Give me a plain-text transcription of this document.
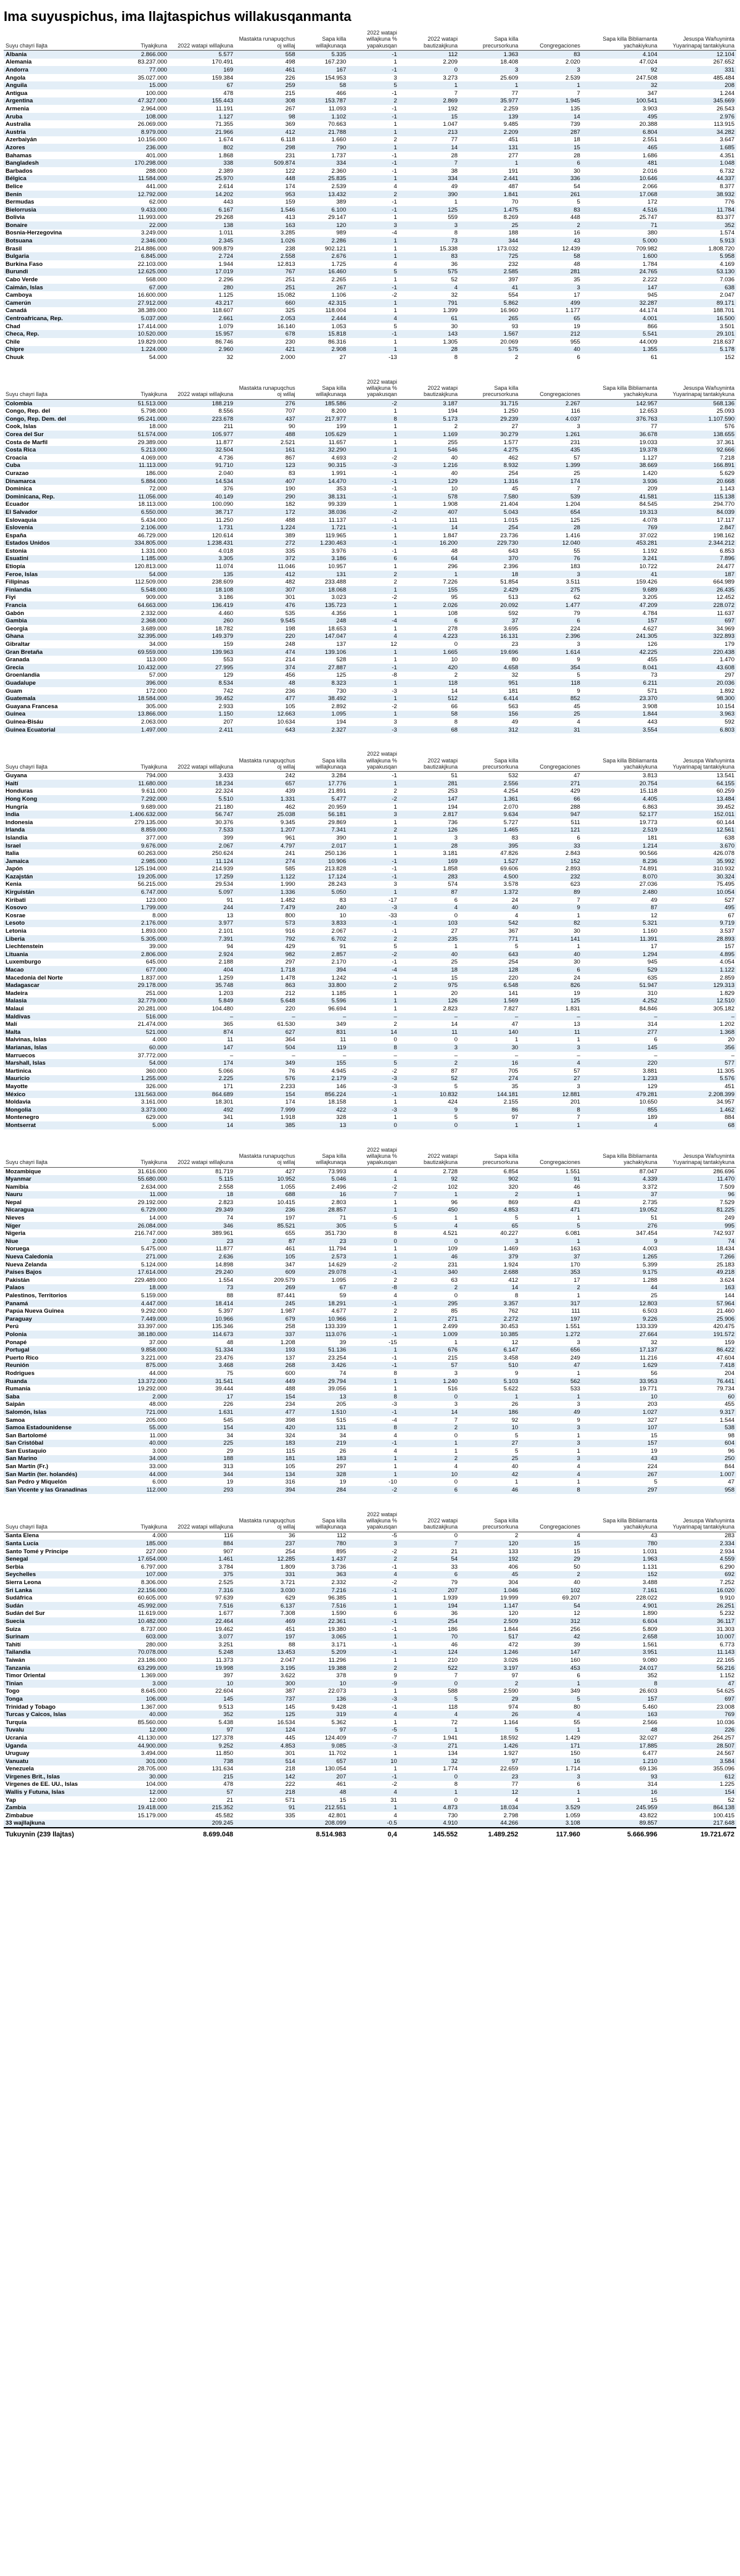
Ima suyuspichus, ima llajtaspichus willakusqanmanta
Suyu chayri llajta	Tiyakjkuna	2022 watapi willajkuna	Mastakta runapuqchus oj willaj	Sapa killa willajkunaqa	2022 watapi willajkuna % yapakusqan	2022 watapi bautizakjkuna	Sapa killa precursorkuna	Congregaciones	Sapa killa Bibliamanta yachakiykuna	Jesuspa Wañuyninta Yuyarinapaj tantakiykuna
Albania	2.866.000	5.577	558	5.335	-1	112	1.363	83	4.104	12.104
Alemania	83.237.000	170.491	498	167.230	1	2.209	18.408	2.020	47.024	267.652
Andorra	77.000	169	461	167	-1	0	3	3	92	331
Angola	35.027.000	159.384	226	154.953	3	3.273	25.609	2.539	247.508	485.484
Anguila	15.000	67	259	58	5	1	1	1	32	208
Antigua	100.000	478	215	466	-1	7	77	7	347	1.244
Argentina	47.327.000	155.443	308	153.787	2	2.869	35.977	1.945	100.541	345.669
Armenia	2.964.000	11.191	267	11.093	-1	192	2.259	135	3.903	26.543
Aruba	108.000	1.127	98	1.102	-1	15	139	14	495	2.976
Australia	26.069.000	71.355	369	70.663	1	1.047	9.485	739	20.388	113.915
Austria	8.979.000	21.966	412	21.788	1	213	2.209	287	6.804	34.282
Azerbaiyán	10.156.000	1.674	6.118	1.660	2	77	451	18	2.551	3.647
Azores	236.000	802	298	790	1	14	131	15	465	1.685
Bahamas	401.000	1.868	231	1.737	-1	28	277	28	1.686	4.351
Bangladesh	170.298.000	338	509.874	334	-1	7	1	6	481	1.048
Barbados	288.000	2.389	122	2.360	-1	38	191	30	2.016	6.732
Bélgica	11.584.000	25.970	448	25.835	1	334	2.441	336	10.646	44.337
Belice	441.000	2.614	174	2.539	4	49	487	54	2.066	8.377
Benín	12.792.000	14.202	953	13.432	2	390	1.841	261	17.068	38.932
Bermudas	62.000	443	159	389	-1	1	70	5	172	776
Bielorrusia	9.433.000	6.167	1.546	6.100	-1	125	1.475	83	4.516	11.784
Bolivia	11.993.000	29.268	413	29.147	1	559	8.269	448	25.747	83.377
Bonaire	22.000	138	163	120	3	3	25	2	71	352
Bosnia-Herzegovina	3.249.000	1.011	3.285	989	-4	8	188	16	380	1.574
Botsuana	2.346.000	2.345	1.026	2.286	1	73	344	43	5.000	5.913
Brasil	214.886.000	909.879	238	902.121	1	15.338	173.032	12.439	709.982	1.808.720
Bulgaria	6.845.000	2.724	2.558	2.676	1	83	725	58	1.600	5.958
Burkina Faso	22.103.000	1.944	12.813	1.725	4	36	232	48	1.784	4.169
Burundi	12.625.000	17.019	767	16.460	5	575	2.585	281	24.765	53.130
Cabo Verde	568.000	2.296	251	2.265	1	52	397	35	2.222	7.036
Caimán, Islas	67.000	280	251	267	-1	4	41	3	147	638
Camboya	16.600.000	1.125	15.082	1.106	-2	32	554	17	945	2.047
Camerún	27.912.000	43.217	660	42.315	1	791	5.862	499	32.287	89.171
Canadá	38.389.000	118.607	325	118.004	1	1.399	16.960	1.177	44.174	188.701
Centroafricana, Rep.	5.037.000	2.661	2.053	2.444	4	61	265	65	4.001	16.500
Chad	17.414.000	1.079	16.140	1.053	5	30	93	19	866	3.501
Checa, Rep.	10.520.000	15.957	678	15.818	-1	143	1.567	212	5.541	29.101
Chile	19.829.000	86.746	230	86.316	1	1.305	20.069	955	44.009	218.637
Chipre	1.224.000	2.960	421	2.908	1	28	575	40	1.355	5.178
Chuuk	54.000	32	2.000	27	-13	8	2	6	61	152

Suyu chayri llajta	Tiyakjkuna	2022 watapi willajkuna	Mastakta runapuqchus oj willaj	Sapa killa willajkunaqa	2022 watapi willajkuna % yapakusqan	2022 watapi bautizakjkuna	Sapa killa precursorkuna	Congregaciones	Sapa killa Bibliamanta yachakiykuna	Jesuspa Wañuyninta Yuyarinapaj tantakiykuna
Colombia	51.513.000	188.219	276	185.586	-2	3.187	31.715	2.267	142.957	568.136
Congo, Rep. del	5.798.000	8.556	707	8.200	1	194	1.250	116	12.653	25.093
Congo, Rep. Dem. del	95.241.000	223.678	437	217.977	8	5.173	29.239	4.037	376.763	1.107.590
Cook, Islas	18.000	211	90	199	1	2	27	3	77	576
Corea del Sur	51.574.000	105.977	488	105.629	1	1.169	30.279	1.261	36.678	138.655
Costa de Marfil	29.389.000	11.877	2.521	11.657	1	255	1.577	231	19.033	37.361
Costa Rica	5.213.000	32.504	161	32.290	1	546	4.275	435	19.378	92.666
Croacia	4.069.000	4.736	867	4.693	-2	40	462	57	1.127	7.218
Cuba	11.113.000	91.710	123	90.315	-3	1.216	8.932	1.399	38.669	166.891
Curazao	186.000	2.040	83	1.991	-1	40	254	25	1.420	5.629
Dinamarca	5.884.000	14.534	407	14.470	-1	129	1.316	174	3.936	20.668
Dominica	72.000	376	190	353	-1	10	45	7	209	1.143
Dominicana, Rep.	11.056.000	40.149	290	38.131	-1	578	7.580	539	41.581	115.138
Ecuador	18.113.000	100.090	182	99.339	1	1.908	21.404	1.204	84.545	294.770
El Salvador	6.550.000	38.717	172	38.036	-2	407	5.043	654	19.313	84.039
Eslovaquia	5.434.000	11.250	488	11.137	-1	111	1.015	125	4.078	17.117
Eslovenia	2.106.000	1.731	1.224	1.721	-1	14	254	28	769	2.847
España	46.729.000	120.614	389	119.965	1	1.847	23.736	1.416	37.022	198.162
Estados Unidos	334.805.000	1.238.431	272	1.230.463	-1	16.200	229.730	12.040	453.281	2.344.212
Estonia	1.331.000	4.018	335	3.976	-1	48	643	55	1.192	6.853
Esuatini	1.185.000	3.305	372	3.186	6	64	370	76	3.241	7.896
Etiopía	120.813.000	11.074	11.046	10.957	1	296	2.396	183	10.722	24.477
Feroe, Islas	54.000	135	412	131	2	1	18	3	41	187
Filipinas	112.509.000	238.609	482	233.488	2	7.226	51.854	3.511	159.426	664.989
Finlandia	5.548.000	18.108	307	18.068	1	155	2.429	275	9.689	26.435
Fiyi	909.000	3.186	301	3.023	-2	95	513	62	3.205	12.452
Francia	64.663.000	136.419	476	135.723	1	2.026	20.092	1.477	47.209	228.072
Gabón	2.332.000	4.460	535	4.356	1	108	592	79	4.784	11.637
Gambia	2.368.000	260	9.545	248	-4	6	37	6	157	697
Georgia	3.689.000	18.782	198	18.653	1	278	3.695	224	4.627	34.969
Ghana	32.395.000	149.379	220	147.047	4	4.223	16.131	2.396	241.305	322.893
Gibraltar	34.000	159	248	137	12	0	23	3	126	179
Gran Bretaña	69.559.000	139.963	474	139.106	1	1.665	19.696	1.614	42.225	220.438
Granada	113.000	553	214	528	1	10	80	9	455	1.470
Grecia	10.432.000	27.995	374	27.887	-1	420	4.658	354	8.041	43.608
Groenlandia	57.000	129	456	125	-8	2	32	5	73	297
Guadalupe	396.000	8.534	48	8.323	1	118	951	118	6.211	20.036
Guam	172.000	742	236	730	-3	14	181	9	571	1.892
Guatemala	18.584.000	39.452	477	38.492	1	512	6.414	852	23.370	98.300
Guayana Francesa	305.000	2.933	105	2.892	-2	66	563	45	3.908	10.154
Guinea	13.866.000	1.150	12.663	1.095	1	58	156	25	1.844	3.963
Guinea-Bisáu	2.063.000	207	10.634	194	3	8	49	4	443	592
Guinea Ecuatorial	1.497.000	2.411	643	2.327	-3	68	312	31	3.554	6.803

Suyu chayri llajta	Tiyakjkuna	2022 watapi willajkuna	Mastakta runapuqchus oj willaj	Sapa killa willajkunaqa	2022 watapi willajkuna % yapakusqan	2022 watapi bautizakjkuna	Sapa killa precursorkuna	Congregaciones	Sapa killa Bibliamanta yachakiykuna	Jesuspa Wañuyninta Yuyarinapaj tantakiykuna
Guyana	794.000	3.433	242	3.284	-1	51	532	47	3.813	13.541
Haití	11.680.000	18.234	657	17.776	1	281	2.556	271	20.754	64.155
Honduras	9.611.000	22.324	439	21.891	2	253	4.254	429	15.118	60.259
Hong Kong	7.292.000	5.510	1.331	5.477	-2	147	1.361	66	4.405	13.484
Hungría	9.689.000	21.180	462	20.959	1	194	2.070	288	6.863	39.452
India	1.406.632.000	56.747	25.038	56.181	3	2.817	9.634	947	52.177	152.011
Indonesia	279.135.000	30.376	9.345	29.869	1	736	5.727	511	19.773	60.144
Irlanda	8.859.000	7.533	1.207	7.341	2	126	1.465	121	2.519	12.561
Islandia	377.000	399	961	390	1	3	83	6	181	638
Israel	9.676.000	2.067	4.797	2.017	1	28	395	33	1.214	3.670
Italia	60.263.000	250.624	241	250.136	1	3.181	47.826	2.843	90.566	426.078
Jamaica	2.985.000	11.124	274	10.906	-1	169	1.527	152	8.236	35.992
Japón	125.194.000	214.939	585	213.828	-1	1.858	69.606	2.893	74.891	310.932
Kazajstán	19.205.000	17.259	1.122	17.124	-1	283	4.500	232	8.070	30.324
Kenia	56.215.000	29.534	1.990	28.243	3	574	3.578	623	27.036	75.495
Kirguistán	6.747.000	5.097	1.336	5.050	1	87	1.372	89	2.480	10.054
Kiribati	123.000	91	1.482	83	-17	6	24	7	49	527
Kosovo	1.799.000	244	7.479	240	-3	4	40	9	87	495
Kosrae	8.000	13	800	10	-33	0	4	1	12	67
Lesoto	2.176.000	3.977	573	3.833	-1	103	542	82	5.321	9.719
Letonia	1.893.000	2.101	916	2.067	-1	27	367	30	1.160	3.537
Liberia	5.305.000	7.391	792	6.702	2	235	771	141	11.391	28.893
Liechtenstein	39.000	94	429	91	5	1	5	1	17	157
Lituania	2.806.000	2.924	982	2.857	-2	40	643	40	1.294	4.895
Luxemburgo	645.000	2.188	297	2.170	-1	25	254	30	945	4.054
Macao	677.000	404	1.718	394	-4	18	128	6	529	1.122
Macedonia del Norte	1.837.000	1.259	1.478	1.242	-1	15	220	24	635	2.859
Madagascar	29.178.000	35.748	863	33.800	2	975	6.548	826	51.947	129.313
Madeira	251.000	1.203	212	1.185	1	20	141	19	310	1.829
Malasia	32.779.000	5.849	5.648	5.596	1	126	1.569	125	4.252	12.510
Malaui	20.281.000	104.480	220	96.694	1	2.823	7.827	1.831	84.846	305.182
Maldivas	516.000	–	–	–	–	–	–	–	–	–
Malí	21.474.000	365	61.530	349	2	14	47	13	314	1.202
Malta	521.000	874	627	831	14	11	140	11	277	1.368
Malvinas, Islas	4.000	11	364	11	0	0	1	1	6	20
Marianas, Islas	60.000	147	504	119	8	3	30	3	145	356
Marruecos	37.772.000	–	–	–	–	–	–	–	–	–
Marshall, Islas	54.000	174	349	155	5	2	16	4	220	577
Martinica	360.000	5.066	76	4.945	-2	87	705	57	3.881	11.305
Mauricio	1.255.000	2.225	576	2.179	-3	52	274	27	1.233	5.576
Mayotte	326.000	171	2.233	146	-3	5	35	3	129	451
México	131.563.000	864.689	154	856.224	-1	10.832	144.181	12.881	479.281	2.208.399
Moldavia	3.161.000	18.301	174	18.158	1	424	2.155	201	10.650	34.957
Mongolia	3.373.000	492	7.999	422	-3	9	86	8	855	1.462
Montenegro	629.000	341	1.918	328	1	5	97	7	189	884
Montserrat	5.000	14	385	13	0	0	1	1	4	68

Suyu chayri llajta	Tiyakjkuna	2022 watapi willajkuna	Mastakta runapuqchus oj willaj	Sapa killa willajkunaqa	2022 watapi willajkuna % yapakusqan	2022 watapi bautizakjkuna	Sapa killa precursorkuna	Congregaciones	Sapa killa Bibliamanta yachakiykuna	Jesuspa Wañuyninta Yuyarinapaj tantakiykuna
Mozambique	31.616.000	81.719	427	73.993	4	2.728	6.854	1.551	87.047	286.696
Myanmar	55.680.000	5.115	10.952	5.046	1	92	902	91	4.339	11.470
Namibia	2.634.000	2.558	1.055	2.496	-2	102	320	46	3.372	7.509
Nauru	11.000	18	688	16	7	1	2	1	37	96
Nepal	29.192.000	2.823	10.415	2.803	1	96	869	43	2.735	7.529
Nicaragua	6.729.000	29.349	236	28.857	1	450	4.853	471	19.052	81.225
Nieves	14.000	74	197	71	-5	1	5	1	51	249
Níger	26.084.000	346	85.521	305	5	4	65	5	276	995
Nigeria	216.747.000	389.961	655	351.730	8	4.521	40.227	6.081	347.454	742.937
Niue	2.000	23	87	23	0	0	3	1	9	74
Noruega	5.475.000	11.877	461	11.794	1	109	1.469	163	4.003	18.434
Nueva Caledonia	271.000	2.636	105	2.573	1	46	379	37	1.265	7.266
Nueva Zelanda	5.124.000	14.898	347	14.629	-2	231	1.924	170	5.399	25.183
Países Bajos	17.614.000	29.240	609	29.078	-1	340	2.688	353	9.175	49.218
Pakistán	229.489.000	1.554	209.579	1.095	2	63	412	17	1.288	3.624
Palaos	18.000	73	269	67	-8	2	14	2	44	163
Palestinos, Territorios	5.159.000	88	87.441	59	4	0	8	1	25	144
Panamá	4.447.000	18.414	245	18.291	-1	295	3.357	317	12.803	57.964
Papúa Nueva Guinea	9.292.000	5.397	1.987	4.677	2	85	762	111	6.503	21.460
Paraguay	7.449.000	10.966	679	10.966	1	271	2.272	197	9.226	25.906
Perú	33.397.000	135.346	258	133.339	1	2.499	30.453	1.551	133.339	420.475
Polonia	38.180.000	114.673	337	113.076	-1	1.009	10.385	1.272	27.664	191.572
Ponapé	37.000	48	1.208	39	-15	1	12	3	32	159
Portugal	9.858.000	51.334	193	51.136	1	676	6.147	656	17.137	86.422
Puerto Rico	3.221.000	23.476	137	23.254	-1	215	3.458	249	11.216	47.604
Reunión	875.000	3.468	268	3.426	-1	57	510	47	1.629	7.418
Rodrigues	44.000	75	600	74	8	3	9	1	56	204
Ruanda	13.372.000	31.541	449	29.794	1	1.240	5.103	562	33.953	76.441
Rumanía	19.292.000	39.444	488	39.056	1	516	5.622	533	19.771	79.734
Saba	2.000	17	154	13	8	0	1	1	10	60
Saipán	48.000	226	234	205	-3	3	26	3	203	455
Salomón, Islas	721.000	1.631	477	1.510	-1	14	186	49	1.027	9.317
Samoa	205.000	545	398	515	-4	7	92	9	327	1.544
Samoa Estadounidense	55.000	154	420	131	8	2	10	3	107	538
San Bartolomé	11.000	34	324	34	4	0	5	1	15	98
San Cristóbal	40.000	225	183	219	-1	1	27	3	157	604
San Eustaquio	3.000	29	115	26	4	1	5	1	19	96
San Marino	34.000	188	181	183	1	2	25	3	43	250
San Martín (Fr.)	33.000	313	105	297	1	4	40	4	224	844
San Martín (ter. holandés)	44.000	344	134	328	1	10	42	4	267	1.007
San Pedro y Miquelón	6.000	19	316	19	-10	0	1	1	5	47
San Vicente y las Granadinas	112.000	293	394	284	-2	6	46	8	297	958

Suyu chayri llajta	Tiyakjkuna	2022 watapi willajkuna	Mastakta runapuqchus oj willaj	Sapa killa willajkunaqa	2022 watapi willajkuna % yapakusqan	2022 watapi bautizakjkuna	Sapa killa precursorkuna	Congregaciones	Sapa killa Bibliamanta yachakiykuna	Jesuspa Wañuyninta Yuyarinapaj tantakiykuna
Santa Elena	4.000	116	36	112	-5	0	2	4	43	283
Santa Lucía	185.000	884	237	780	3	7	120	15	780	2.334
Santo Tomé y Príncipe	227.000	907	254	895	-2	21	133	15	1.031	2.934
Senegal	17.654.000	1.461	12.285	1.437	2	54	192	29	1.963	4.559
Serbia	6.797.000	3.784	1.809	3.736	-1	33	406	50	1.131	6.290
Seychelles	107.000	375	331	363	4	6	45	2	152	692
Sierra Leona	8.306.000	2.525	3.721	2.332	-2	79	304	40	3.488	7.252
Sri Lanka	22.156.000	7.316	3.030	7.216	-1	207	1.046	102	7.161	16.020
Sudáfrica	60.605.000	97.639	629	96.385	1	1.939	19.999	69.207	228.022	9.910
Sudán	45.992.000	7.516	6.137	7.516	1	194	1.147	54	4.901	26.251
Sudán del Sur	11.619.000	1.677	7.308	1.590	6	36	120	12	1.890	5.232
Suecia	10.482.000	22.464	469	22.361	-1	254	2.509	312	6.604	36.117
Suiza	8.737.000	19.462	451	19.380	-1	186	1.844	256	5.809	31.303
Surinam	603.000	3.077	197	3.065	1	70	517	42	2.658	10.007
Tahití	280.000	3.251	88	3.171	-1	46	472	39	1.561	6.773
Tailandia	70.078.000	5.248	13.453	5.209	-1	124	1.246	147	3.951	11.143
Taiwán	23.186.000	11.373	2.047	11.296	1	210	3.026	160	9.080	22.165
Tanzania	63.299.000	19.998	3.195	19.388	2	522	3.197	453	24.017	56.216
Timor Oriental	1.369.000	397	3.622	378	9	7	97	6	352	1.152
Tinian	3.000	10	300	10	-9	0	2	1	8	47
Togo	8.645.000	22.604	387	22.073	1	588	2.590	349	26.603	54.625
Tonga	106.000	145	737	136	-3	5	29	5	157	697
Trinidad y Tobago	1.367.000	9.513	145	9.428	-1	118	974	80	5.460	23.008
Turcas y Caicos, Islas	40.000	352	125	319	4	4	26	4	163	769
Turquía	85.560.000	5.438	16.534	5.362	1	72	1.164	55	2.566	10.036
Tuvalu	12.000	97	124	97	-5	1	5	1	48	226
Ucrania	41.130.000	127.378	445	124.409	-7	1.941	18.592	1.429	32.027	264.257
Uganda	44.900.000	9.252	4.853	9.085	-3	271	1.426	171	17.885	28.507
Uruguay	3.494.000	11.850	301	11.702	1	134	1.927	150	6.477	24.567
Vanuatu	301.000	738	514	657	10	32	97	16	1.210	3.584
Venezuela	28.705.000	131.634	218	130.054	1	1.774	22.659	1.714	69.136	355.096
Vírgenes Brit., Islas	30.000	215	142	207	-1	0	23	3	93	612
Vírgenes de EE. UU., Islas	104.000	478	222	461	-2	8	77	6	314	1.225
Wallis y Futuna, Islas	12.000	57	218	48	4	1	12	1	16	154
Yap	12.000	21	571	15	31	0	4	1	15	52
Zambia	19.418.000	215.352	91	212.551	1	4.873	18.034	3.529	245.959	864.138
Zimbabue	15.179.000	45.582	335	42.801	4	730	2.798	1.059	43.822	100.415
33 wajllajkuna		209.245		208.099	-0.5	4.910	44.266	3.108	89.857	217.648
Tukuynin (239 llajtas)		8.699.048		8.514.983	0,4	145.552	1.489.252	117.960	5.666.996	19.721.672
